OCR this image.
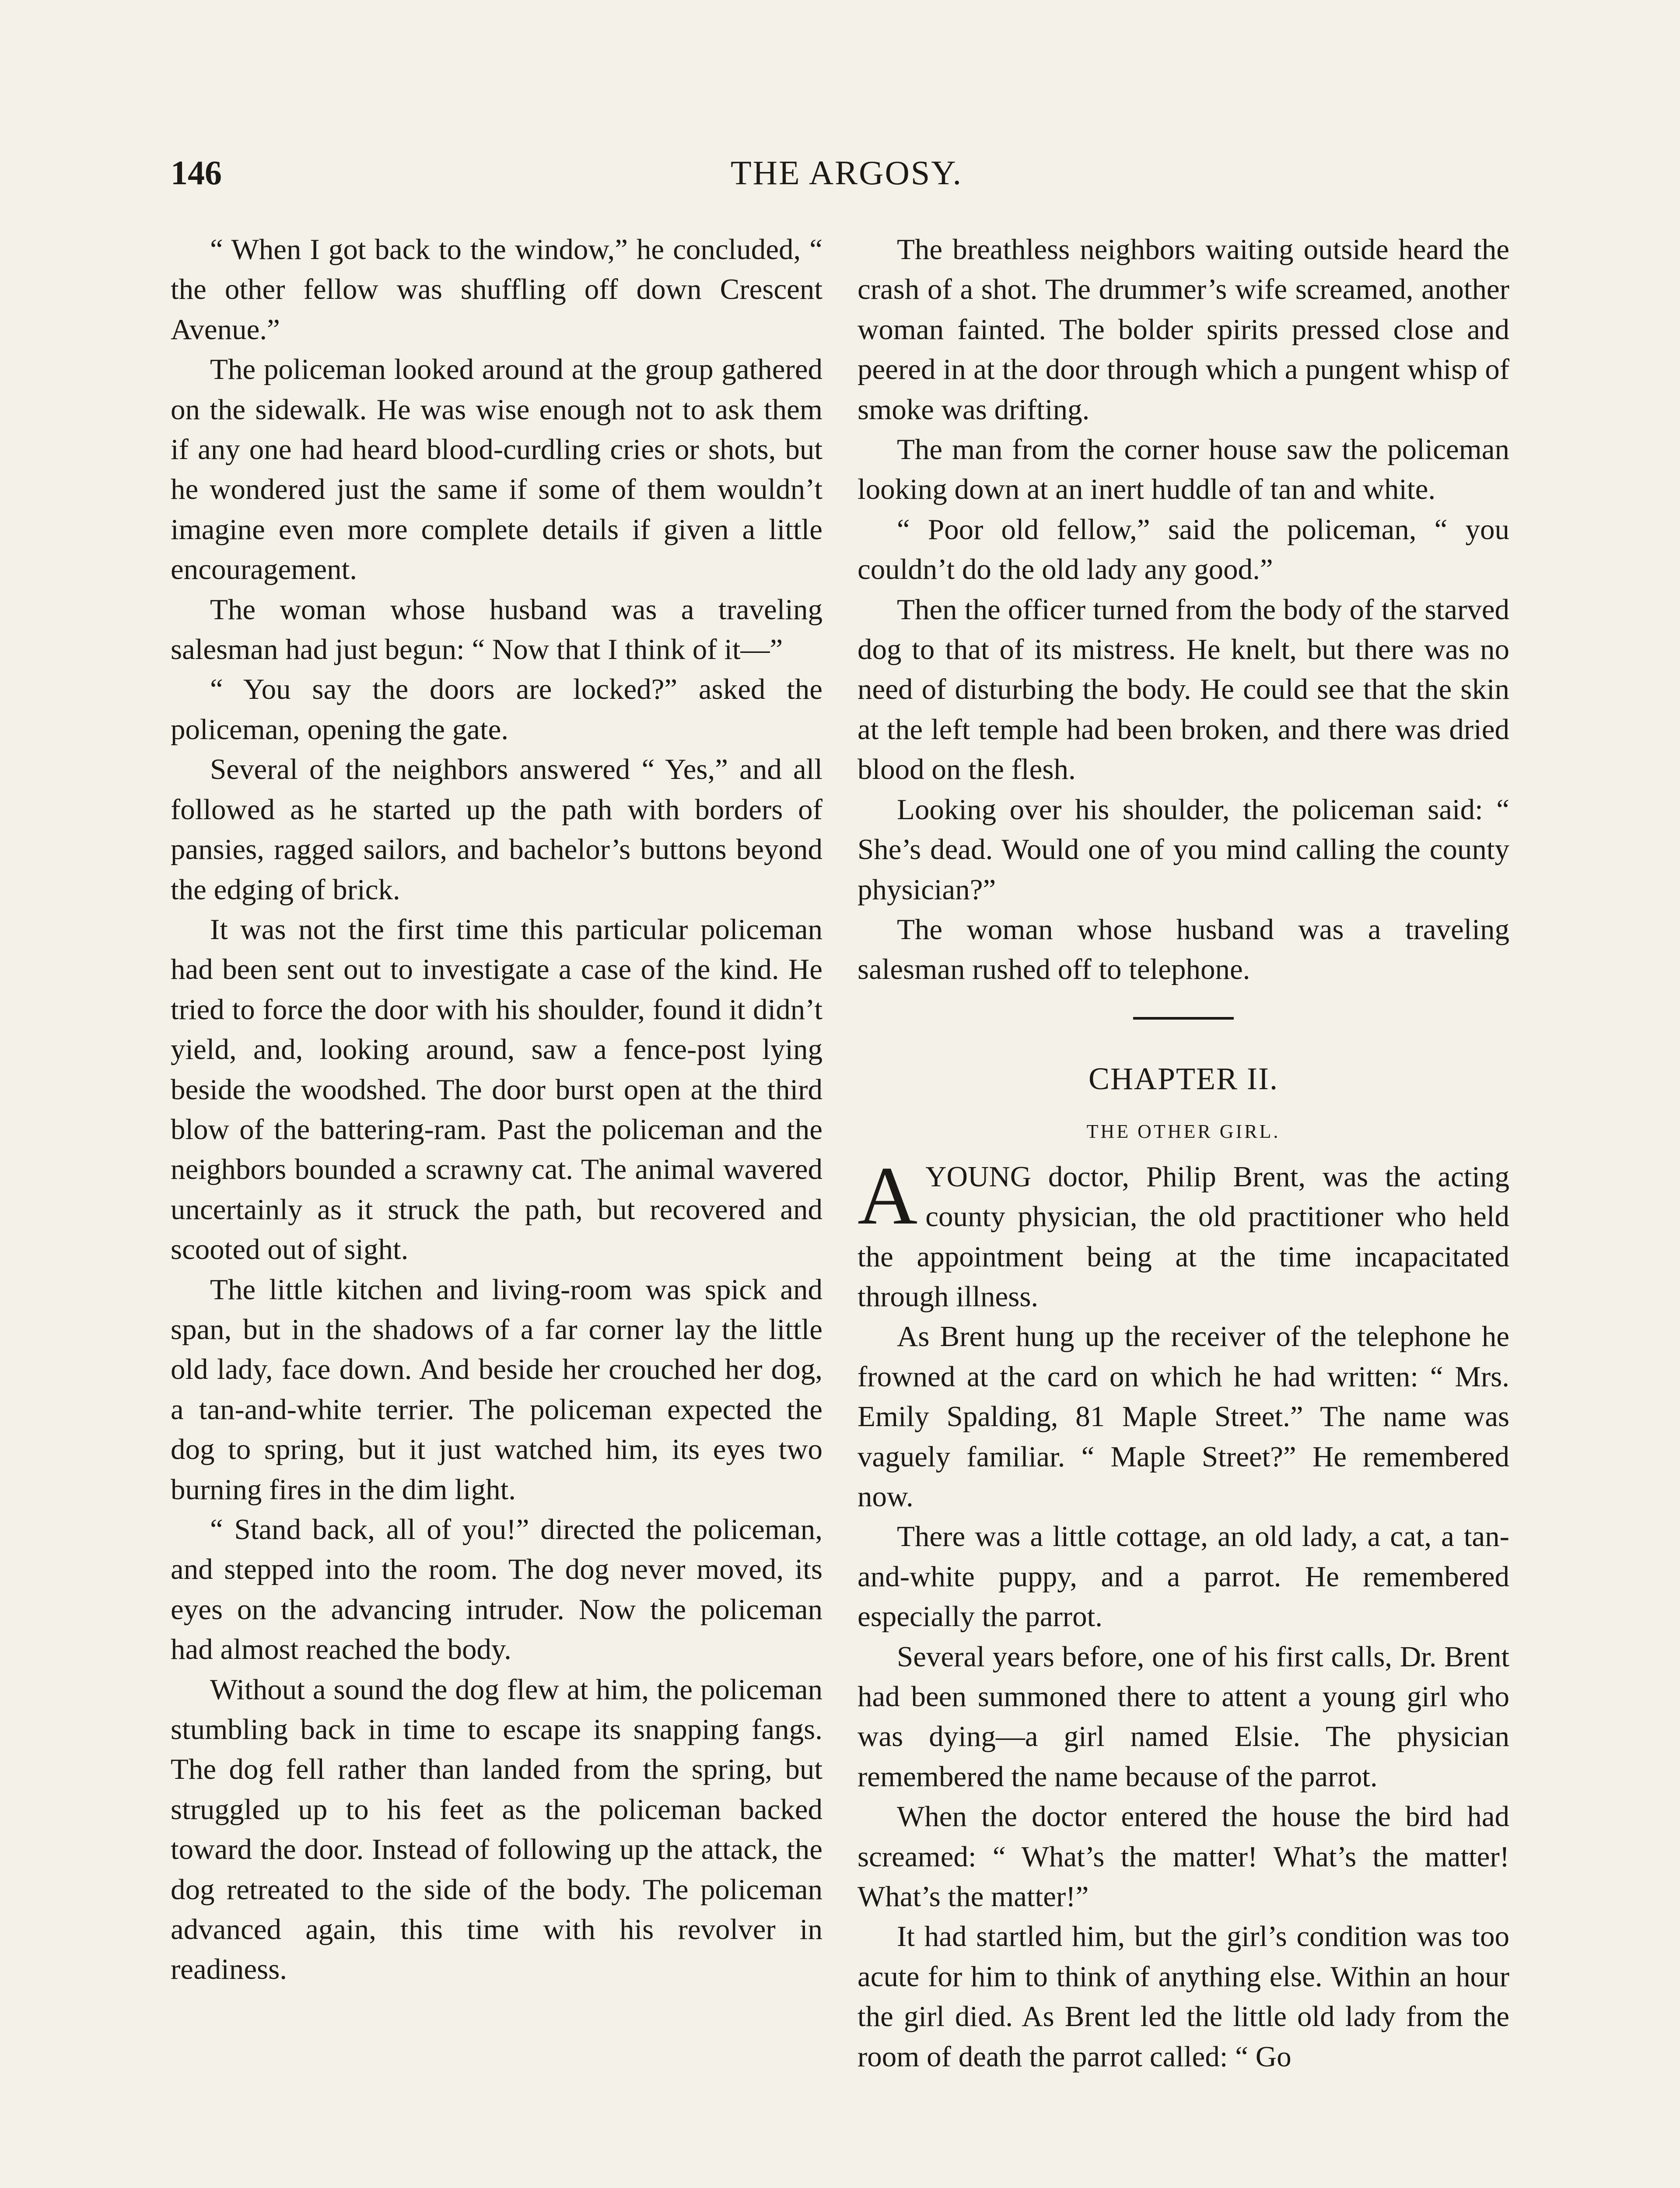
146	THE ARGOSY.

“ When I got back to the window,” he concluded, “ the other fellow was shuffling off down Crescent Avenue.”

The policeman looked around at the group gathered on the sidewalk. He was wise enough not to ask them if any one had heard blood-curdling cries or shots, but he wondered just the same if some of them wouldn’t imagine even more complete details if given a little encouragement.

The woman whose husband was a traveling salesman had just begun: “ Now that I think of it—”

“ You say the doors are locked?” asked the policeman, opening the gate.

Several of the neighbors answered “ Yes,” and all followed as he started up the path with borders of pansies, ragged sailors, and bachelor’s buttons beyond the edging of brick.

It was not the first time this particular policeman had been sent out to investigate a case of the kind. He tried to force the door with his shoulder, found it didn’t yield, and, looking around, saw a fence-post lying beside the woodshed. The door burst open at the third blow of the battering-ram. Past the policeman and the neighbors bounded a scrawny cat. The animal wavered uncertainly as it struck the path, but recovered and scooted out of sight.

The little kitchen and living-room was spick and span, but in the shadows of a far corner lay the little old lady, face down. And beside her crouched her dog, a tan-and-white terrier. The policeman expected the dog to spring, but it just watched him, its eyes two burning fires in the dim light.

“ Stand back, all of you!” directed the policeman, and stepped into the room. The dog never moved, its eyes on the advancing intruder. Now the policeman had almost reached the body.

Without a sound the dog flew at him, the policeman stumbling back in time to escape its snapping fangs. The dog fell rather than landed from the spring, but struggled up to his feet as the policeman backed toward the door. Instead of following up the attack, the dog retreated to the side of the body. The policeman advanced again, this time with his revolver in readiness.

The breathless neighbors waiting outside heard the crash of a shot. The drummer’s wife screamed, another woman fainted. The bolder spirits pressed close and peered in at the door through which a pungent whisp of smoke was drifting.

The man from the corner house saw the policeman looking down at an inert huddle of tan and white.

“ Poor old fellow,” said the policeman, “ you couldn’t do the old lady any good.”

Then the officer turned from the body of the starved dog to that of its mistress. He knelt, but there was no need of disturbing the body. He could see that the skin at the left temple had been broken, and there was dried blood on the flesh.

Looking over his shoulder, the policeman said: “ She’s dead. Would one of you mind calling the county physician?”

The woman whose husband was a traveling salesman rushed off to telephone.

CHAPTER II.
THE OTHER GIRL.

AYOUNG doctor, Philip Brent, was the acting county physician, the old practitioner who held the appointment being at the time incapacitated through illness.

As Brent hung up the receiver of the telephone he frowned at the card on which he had written: “ Mrs. Emily Spalding, 81 Maple Street.” The name was vaguely familiar. “ Maple Street?” He remembered now.

There was a little cottage, an old lady, a cat, a tan-and-white puppy, and a parrot. He remembered especially the parrot.

Several years before, one of his first calls, Dr. Brent had been summoned there to attent a young girl who was dying—a girl named Elsie. The physician remembered the name because of the parrot.

When the doctor entered the house the bird had screamed: “ What’s the matter! What’s the matter! What’s the matter!”

It had startled him, but the girl’s condition was too acute for him to think of anything else. Within an hour the girl died. As Brent led the little old lady from the room of death the parrot called: “ Go
